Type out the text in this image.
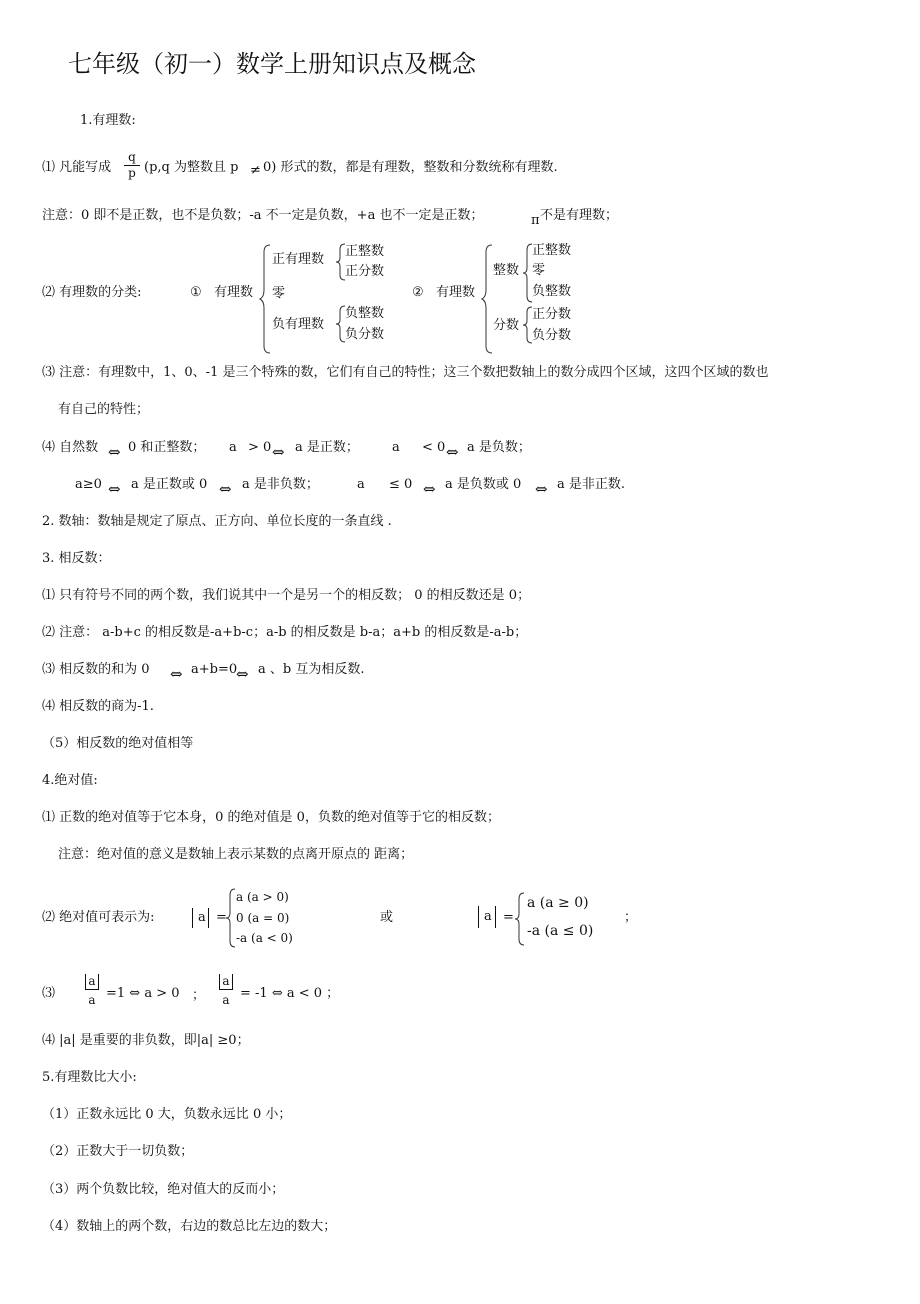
七年级（初一）数学上册知识点及概念
1.有理数:
⑴ 凡能写成 $\frac{q}{p} (p,q$ 为整数且 p ≠ 0) 形式的数，都是有理数，整数和分数统称有理数.
注意：0 即不是正数，也不是负数；-a 不一定是负数，+a 也不一定是正数；	π 不是有理数；
⑵ 有理数的分类:	① 有理数
正有理数
零
负有理数
正整数
正分数
负整数
负分数
② 有理数
整数
分数
正整数
零
负整数
正分数
负分数
⑶ 注意：有理数中，1、0、-1 是三个特殊的数，它们有自己的特性；这三个数把数轴上的数分成四个区域，这四个区域的数也
有自己的特性；
⑷ 自然数 ⇔ 0 和正整数； a > 0 ⇔ a 是正数；	a < 0 ⇔ a 是负数；
a≥0 ⇔ a 是正数或 0 ⇔ a 是非负数；	a ≤ 0 ⇔ a 是负数或 0 ⇔ a 是非正数.
2. 数轴：数轴是规定了原点、正方向、单位长度的一条直线 .
3. 相反数：
⑴ 只有符号不同的两个数，我们说其中一个是另一个的相反数； 0 的相反数还是 0；
⑵ 注意： a-b+c 的相反数是-a+b-c；a-b 的相反数是 b-a；a+b 的相反数是-a-b；
⑶ 相反数的和为 0 ⇔ a+b=0
⇔ a 、b 互为相反数.
⑷ 相反数的商为-1.
（5）相反数的绝对值相等
4.绝对值:
⑴ 正数的绝对值等于它本身，0 的绝对值是 0，负数的绝对值等于它的相反数；
注意：绝对值的意义是数轴上表示某数的点离开原点的 距离；
⑵ 绝对值可表示为:	a =
a (a > 0)
0 (a = 0)
-a (a < 0)
或	a =
a (a ≥ 0)
-a (a ≤ 0)
；
⑶ $\frac{a}{a} =1$ ⇔ a > 0 ； $\frac{a}{a} = -1$ ⇔ a < 0 ；
⑷ |a| 是重要的非负数，即|a| ≥0；
5.有理数比大小:
（1）正数永远比 0 大，负数永远比 0 小；
（2）正数大于一切负数；
（3）两个负数比较，绝对值大的反而小；
（4）数轴上的两个数，右边的数总比左边的数大；
